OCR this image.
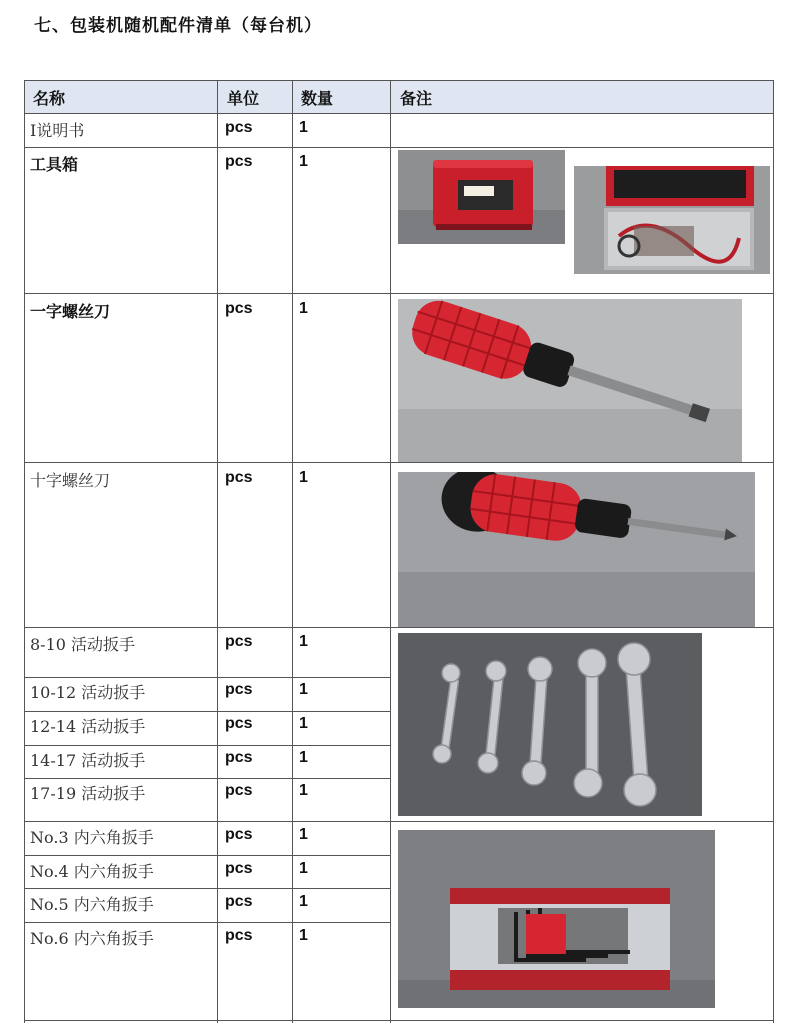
七、包装机随机配件清单（每台机）
名称	单位	数量	备注
Ⅰ说明书	pcs	1
工具箱	pcs	1
一字螺丝刀	pcs	1
十字螺丝刀	pcs	1
8-10 活动扳手	pcs	1
10-12 活动扳手	pcs	1
12-14 活动扳手	pcs	1
14-17 活动扳手	pcs	1
17-19 活动扳手	pcs	1
No.3 内六角扳手	pcs	1
No.4 内六角扳手	pcs	1
No.5 内六角扳手	pcs	1
No.6 内六角扳手	pcs	1
